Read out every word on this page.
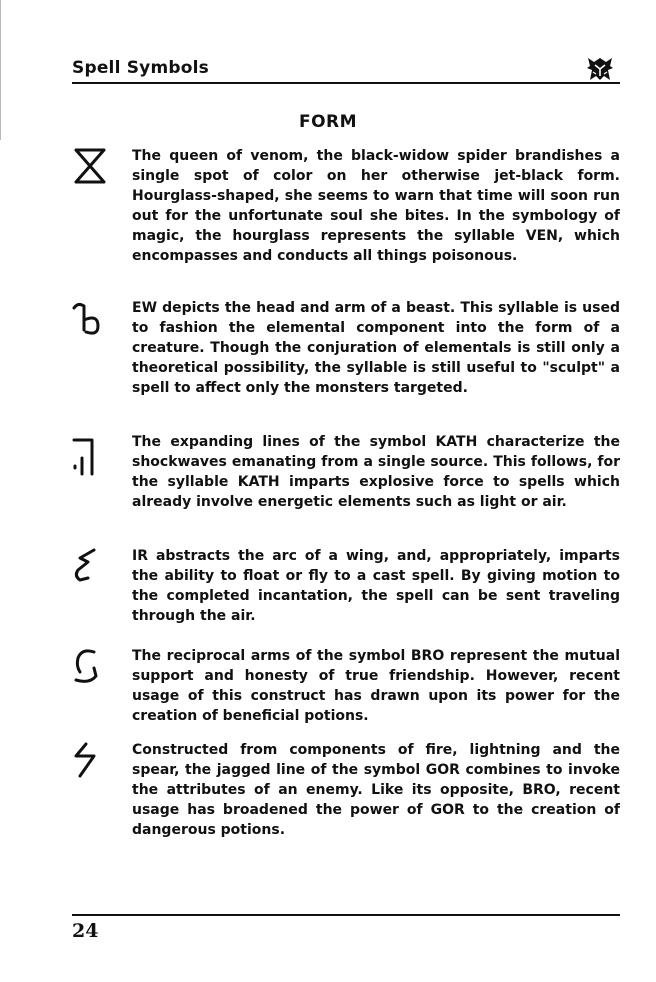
Spell Symbols
FORM

The queen of venom, the black-widow spider brandishes a single spot of color on her otherwise jet-black form. Hourglass-shaped, she seems to warn that time will soon run out for the unfortunate soul she bites. In the symbology of magic, the hourglass represents the syllable VEN, which encompasses and conducts all things poisonous.

EW depicts the head and arm of a beast. This syllable is used to fashion the elemental component into the form of a creature. Though the conjuration of elementals is still only a theoretical possibility, the syllable is still useful to "sculpt" a spell to affect only the monsters targeted.

The expanding lines of the symbol KATH characterize the shockwaves emanating from a single source. This follows, for the syllable KATH imparts explosive force to spells which already involve energetic elements such as light or air.

IR abstracts the arc of a wing, and, appropriately, imparts the ability to float or fly to a cast spell. By giving motion to the completed incantation, the spell can be sent traveling through the air.

The reciprocal arms of the symbol BRO represent the mutual support and honesty of true friendship. However, recent usage of this construct has drawn upon its power for the creation of beneficial potions.

Constructed from components of fire, lightning and the spear, the jagged line of the symbol GOR combines to invoke the attributes of an enemy. Like its opposite, BRO, recent usage has broadened the power of GOR to the creation of dangerous potions.

24
